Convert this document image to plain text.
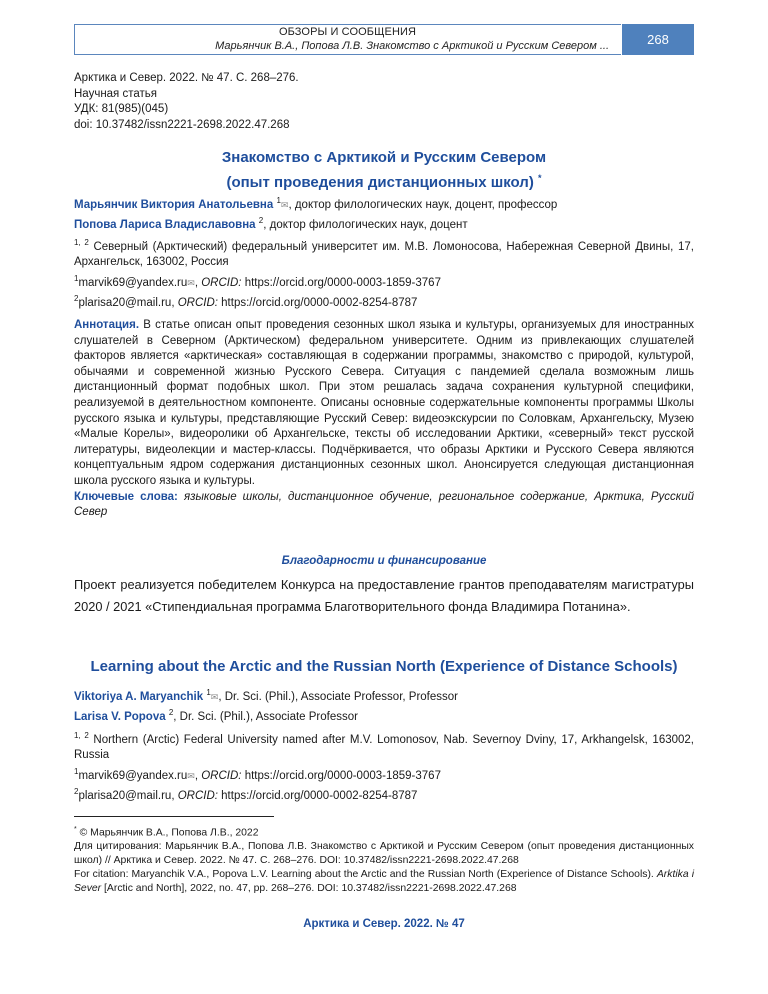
ОБЗОРЫ И СООБЩЕНИЯ
Марьянчик В.А., Попова Л.В. Знакомство с Арктикой и Русским Севером ...	268
Арктика и Север. 2022. № 47. С. 268–276.
Научная статья
УДК: 81(985)(045)
doi: 10.37482/issn2221-2698.2022.47.268
Знакомство с Арктикой и Русским Севером
(опыт проведения дистанционных школ) *
Марьянчик Виктория Анатольевна $^1$✉, доктор филологических наук, доцент, профессор
Попова Лариса Владиславовна $^2$, доктор филологических наук, доцент
$^{1, 2}$ Северный (Арктический) федеральный университет им. М.В. Ломоносова, Набережная Северной Двины, 17, Архангельск, 163002, Россия
$^1$marvik69@yandex.ru✉, ORCID: https://orcid.org/0000-0003-1859-3767
$^2$plarisa20@mail.ru, ORCID: https://orcid.org/0000-0002-8254-8787

Аннотация. В статье описан опыт проведения сезонных школ языка и культуры, организуемых для иностранных слушателей в Северном (Арктическом) федеральном университете. Одним из привлекающих слушателей факторов является «арктическая» составляющая в содержании программы, знакомство с природой, культурой, обычаями и современной жизнью Русского Севера. Ситуация с пандемией сделала возможным лишь дистанционный формат подобных школ. При этом решалась задача сохранения культурной специфики, реализуемой в деятельностном компоненте. Описаны основные содержательные компоненты программы Школы русского языка и культуры, представляющие Русский Север: видеоэкскурсии по Соловкам, Архангельску, Музею «Малые Корелы», видеоролики об Архангельске, тексты об исследовании Арктики, «северный» текст русской литературы, видеолекции и мастер-классы. Подчёркивается, что образы Арктики и Русского Севера являются концептуальным ядром содержания дистанционных сезонных школ. Анонсируется следующая дистанционная школа русского языка и культуры.

Ключевые слова: языковые школы, дистанционное обучение, региональное содержание, Арктика, Русский Север

Благодарности и финансирование
Проект реализуется победителем Конкурса на предоставление грантов преподавателям магистратуры 2020 / 2021 «Стипендиальная программа Благотворительного фонда Владимира Потанина».
Learning about the Arctic and the Russian North (Experience of Distance Schools)
Viktoriya A. Maryanchik $^1$✉, Dr. Sci. (Phil.), Associate Professor, Professor
Larisa V. Popova $^2$, Dr. Sci. (Phil.), Associate Professor
$^{1, 2}$ Northern (Arctic) Federal University named after M.V. Lomonosov, Nab. Severnoy Dviny, 17, Arkhangelsk, 163002, Russia
$^1$marvik69@yandex.ru✉, ORCID: https://orcid.org/0000-0003-1859-3767
$^2$plarisa20@mail.ru, ORCID: https://orcid.org/0000-0002-8254-8787

* © Марьянчик В.А., Попова Л.В., 2022

Для цитирования: Марьянчик В.А., Попова Л.В. Знакомство с Арктикой и Русским Севером (опыт проведения дистанционных школ) // Арктика и Север. 2022. № 47. С. 268–276. DOI: 10.37482/issn2221-2698.2022.47.268

For citation: Maryanchik V.A., Popova L.V. Learning about the Arctic and the Russian North (Experience of Distance Schools). Arktika i Sever [Arctic and North], 2022, no. 47, pp. 268–276. DOI: 10.37482/issn2221-2698.2022.47.268

Арктика и Север. 2022. № 47
